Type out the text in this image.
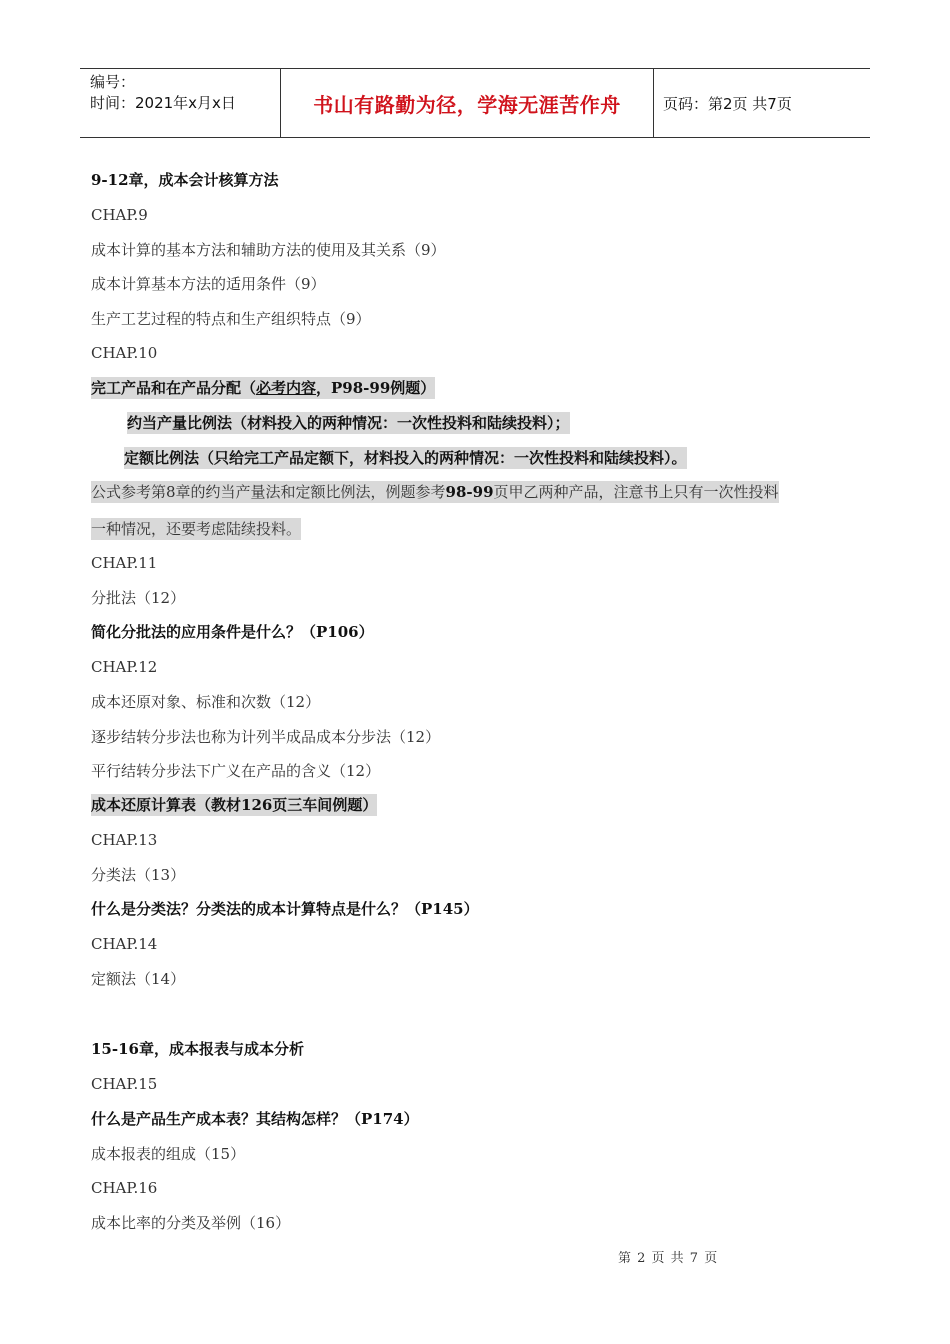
编号：
时间：2021年x月x日	书山有路勤为径，学海无涯苦作舟	页码：第2页 共7页
9-12章，成本会计核算方法
CHAP.9
成本计算的基本方法和辅助方法的使用及其关系（9）
成本计算基本方法的适用条件（9）
生产工艺过程的特点和生产组织特点（9）
CHAP.10
完工产品和在产品分配（必考内容，P98-99例题）
约当产量比例法（材料投入的两种情况：一次性投料和陆续投料）；
定额比例法（只给完工产品定额下，材料投入的两种情况：一次性投料和陆续投料）。
公式参考第8章的约当产量法和定额比例法，例题参考98-99页甲乙两种产品，注意书上只有一次性投料
一种情况，还要考虑陆续投料。
CHAP.11
分批法（12）
简化分批法的应用条件是什么？（P106）
CHAP.12
成本还原对象、标准和次数（12）
逐步结转分步法也称为计列半成品成本分步法（12）
平行结转分步法下广义在产品的含义（12）
成本还原计算表（教材126页三车间例题）
CHAP.13
分类法（13）
什么是分类法？分类法的成本计算特点是什么？（P145）
CHAP.14
定额法（14）
15-16章，成本报表与成本分析
CHAP.15
什么是产品生产成本表？其结构怎样？（P174）
成本报表的组成（15）
CHAP.16
成本比率的分类及举例（16）
第 2 页 共 7 页
